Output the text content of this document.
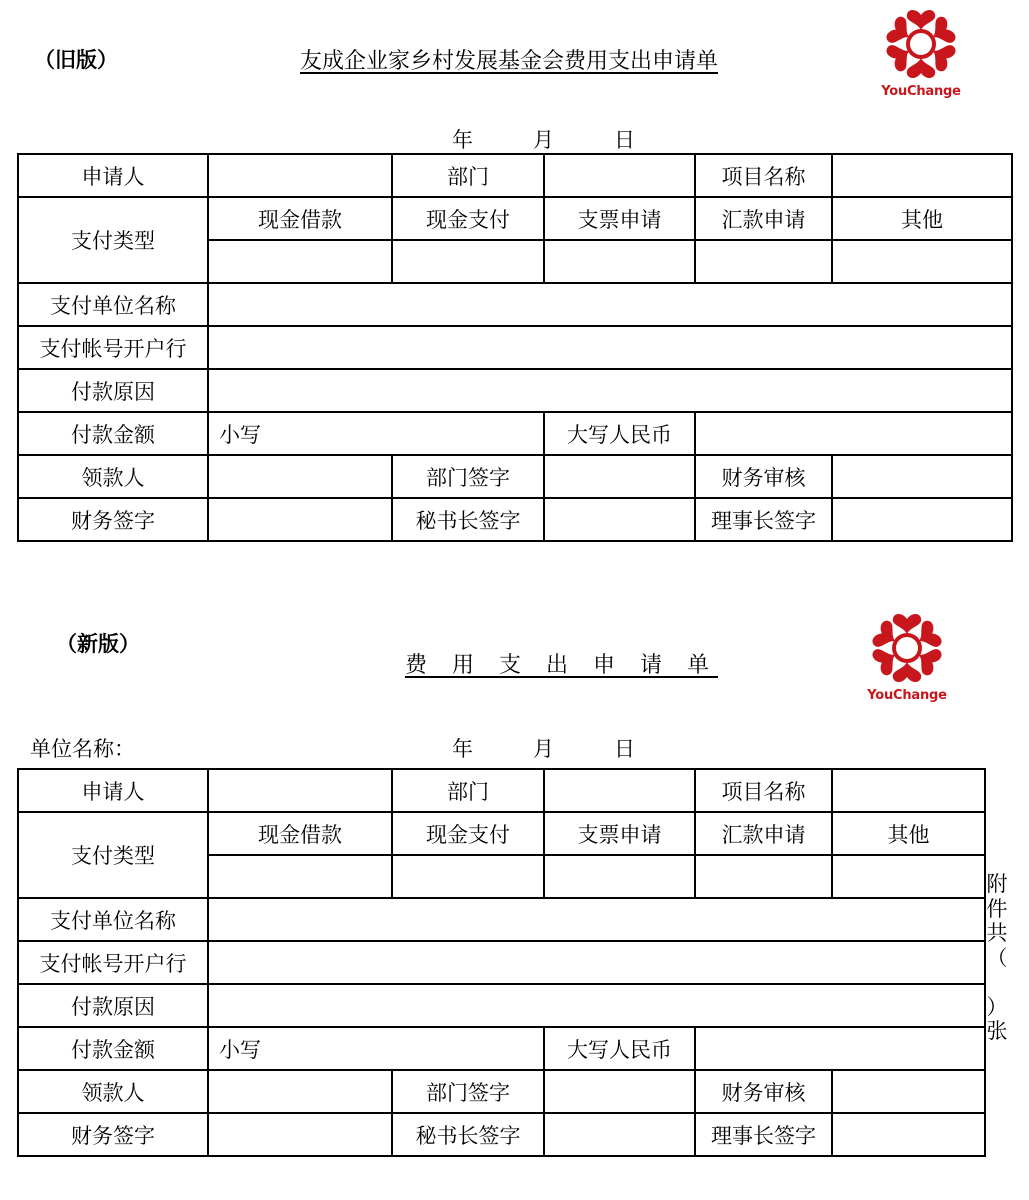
（旧版）	友成企业家乡村发展基金会费用支出申请单
YouChange
年	月	日
申请人		部门		项目名称	
支付类型	现金借款	现金支付	支票申请	汇款申请	其他

支付单位名称					
支付帐号开户行					
付款原因					
付款金额	小写		大写人民币		
领款人		部门签字		财务审核	
财务签字		秘书长签字		理事长签字	
（新版）
费 用 支 出 申 请 单
YouChange
单位名称：	年	月	日
申请人		部门		项目名称	
支付类型	现金借款	现金支付	支票申请	汇款申请	其他

支付单位名称					
支付帐号开户行					
付款原因					
付款金额	小写		大写人民币		
领款人		部门签字		财务审核	
财务签字		秘书长签字		理事长签字	
附
件
共
（
）
张
